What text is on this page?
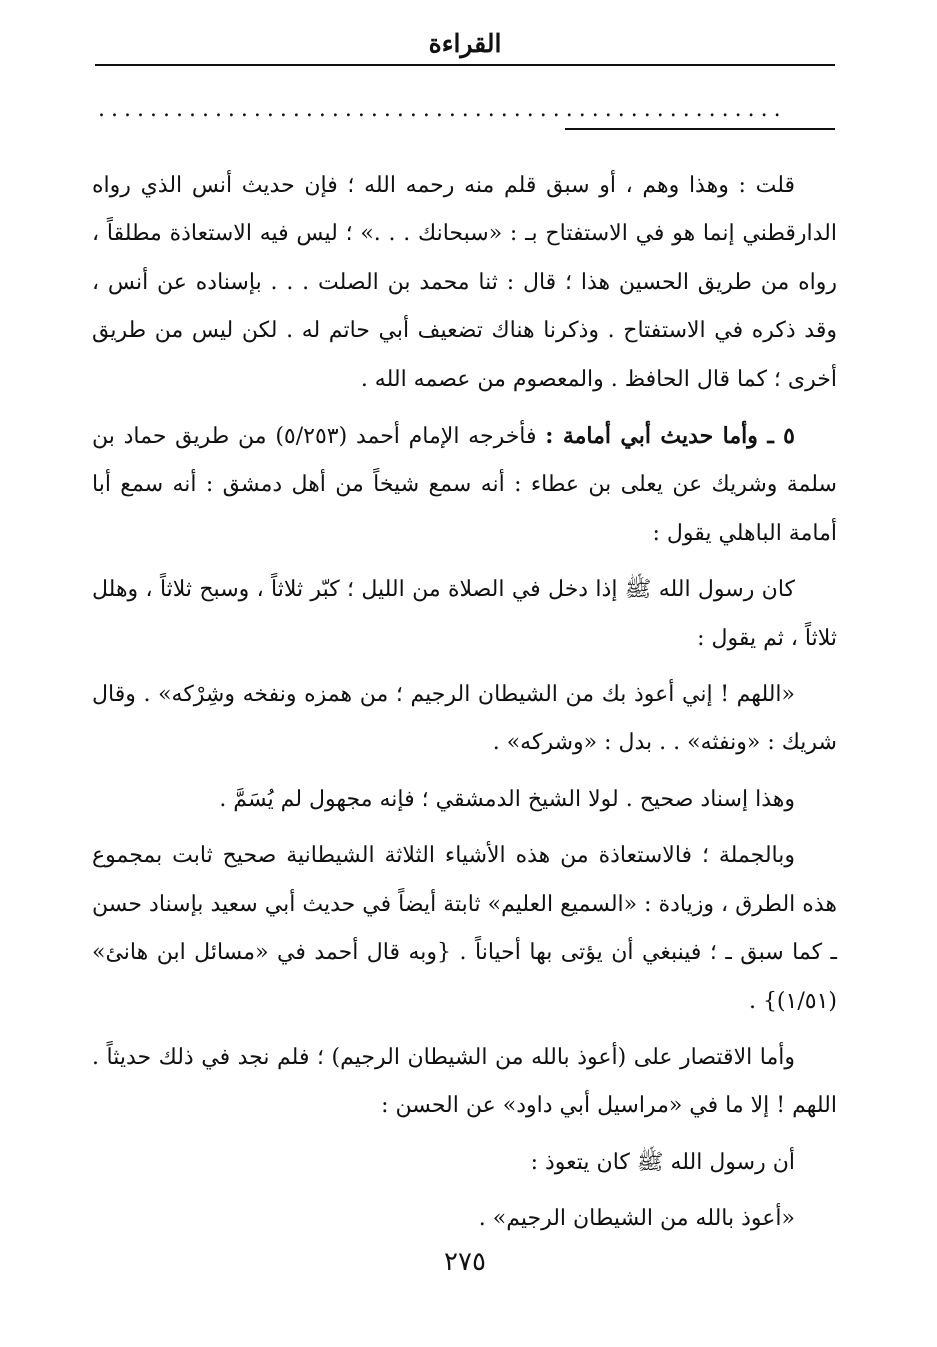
القراءة
.....................................................

قلت : وهذا وهم ، أو سبق قلم منه رحمه الله ؛ فإن حديث أنس الذي رواه الدارقطني إنما هو في الاستفتاح بـ : «سبحانك . . .» ؛ ليس فيه الاستعاذة مطلقاً ، رواه من طريق الحسين هذا ؛ قال : ثنا محمد بن الصلت . . . بإسناده عن أنس ، وقد ذكره في الاستفتاح . وذكرنا هناك تضعيف أبي حاتم له . لكن ليس من طريق أخرى ؛ كما قال الحافظ . والمعصوم من عصمه الله .

٥ ـ وأما حديث أبي أمامة : فأخرجه الإمام أحمد (٥/٢٥٣) من طريق حماد بن سلمة وشريك عن يعلى بن عطاء : أنه سمع شيخاً من أهل دمشق : أنه سمع أبا أمامة الباهلي يقول :

كان رسول الله ﷺ إذا دخل في الصلاة من الليل ؛ كبّر ثلاثاً ، وسبح ثلاثاً ، وهلل ثلاثاً ، ثم يقول :

«اللهم ! إني أعوذ بك من الشيطان الرجيم ؛ من همزه ونفخه وشِرْكه» . وقال شريك : «ونفثه» . . بدل : «وشركه» .

وهذا إسناد صحيح . لولا الشيخ الدمشقي ؛ فإنه مجهول لم يُسَمَّ .

وبالجملة ؛ فالاستعاذة من هذه الأشياء الثلاثة الشيطانية صحيح ثابت بمجموع هذه الطرق ، وزيادة : «السميع العليم» ثابتة أيضاً في حديث أبي سعيد بإسناد حسن ـ كما سبق ـ ؛ فينبغي أن يؤتى بها أحياناً . {وبه قال أحمد في «مسائل ابن هانئ» (١/٥١)} .

وأما الاقتصار على (أعوذ بالله من الشيطان الرجيم) ؛ فلم نجد في ذلك حديثاً . اللهم ! إلا ما في «مراسيل أبي داود» عن الحسن :

أن رسول الله ﷺ كان يتعوذ :

«أعوذ بالله من الشيطان الرجيم» .

٢٧٥
